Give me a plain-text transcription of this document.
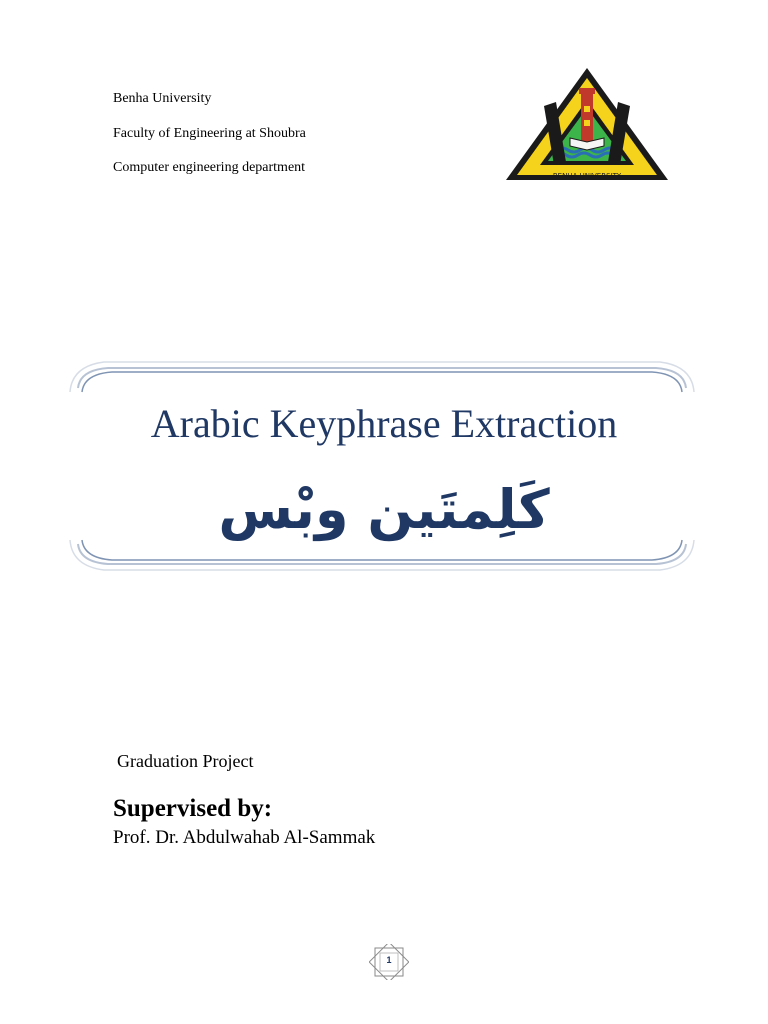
Benha University
Faculty of Engineering at Shoubra
Computer engineering department
BENHA UNIVERSITY
Arabic Keyphrase Extraction
كَلِمتَين وبْس
Graduation Project
Supervised by:
Prof. Dr. Abdulwahab Al-Sammak
1
